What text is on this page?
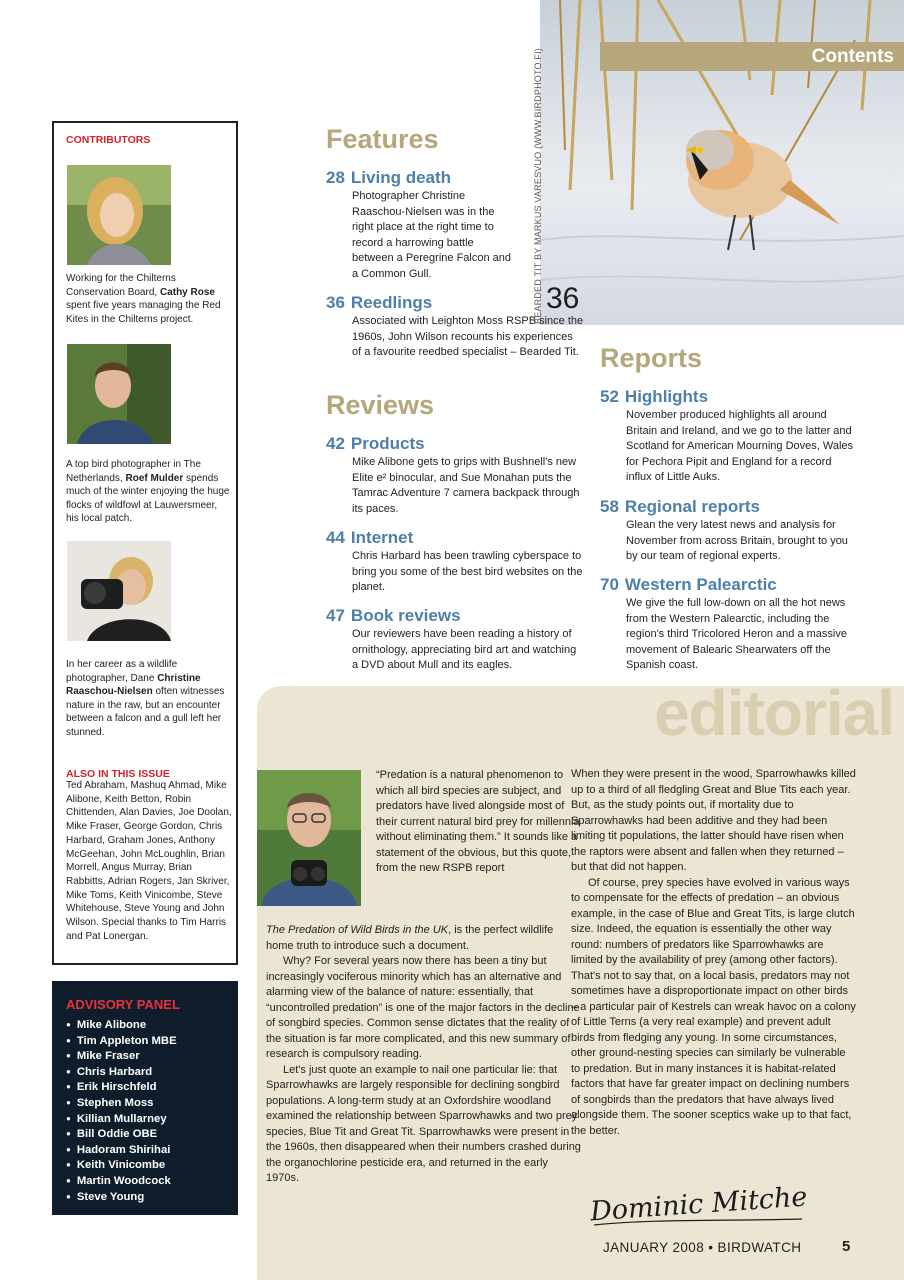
Contents
BEARDED TIT BY MARKUS VARESVUO (WWW.BIRDPHOTO.FI) 36
CONTRIBUTORS
Working for the Chilterns Conservation Board, Cathy Rose spent five years managing the Red Kites in the Chilterns project.
A top bird photographer in The Netherlands, Roef Mulder spends much of the winter enjoying the huge flocks of wildfowl at Lauwersmeer, his local patch.
In her career as a wildlife photographer, Dane Christine Raaschou-Nielsen often witnesses nature in the raw, but an encounter between a falcon and a gull left her stunned.
ALSO IN THIS ISSUE
Ted Abraham, Mashuq Ahmad, Mike Alibone, Keith Betton, Robin Chittenden, Alan Davies, Joe Doolan, Mike Fraser, George Gordon, Chris Harbard, Graham Jones, Anthony McGeehan, John McLoughlin, Brian Morrell, Angus Murray, Brian Rabbitts, Adrian Rogers, Jan Skriver, Mike Toms, Keith Vinicombe, Steve Whitehouse, Steve Young and John Wilson. Special thanks to Tim Harris and Pat Lonergan.
ADVISORY PANEL
● Mike Alibone
● Tim Appleton MBE
● Mike Fraser
● Chris Harbard
● Erik Hirschfeld
● Stephen Moss
● Killian Mullarney
● Bill Oddie OBE
● Hadoram Shirihai
● Keith Vinicombe
● Martin Woodcock
● Steve Young
Features
28 Living death
Photographer Christine Raaschou-Nielsen was in the right place at the right time to record a harrowing battle between a Peregrine Falcon and a Common Gull.
36 Reedlings
Associated with Leighton Moss RSPB since the 1960s, John Wilson recounts his experiences of a favourite reedbed specialist – Bearded Tit.
Reviews
42 Products
Mike Alibone gets to grips with Bushnell's new Elite e² binocular, and Sue Monahan puts the Tamrac Adventure 7 camera backpack through its paces.
44 Internet
Chris Harbard has been trawling cyberspace to bring you some of the best bird websites on the planet.
47 Book reviews
Our reviewers have been reading a history of ornithology, appreciating bird art and watching a DVD about Mull and its eagles.
Reports
52 Highlights
November produced highlights all around Britain and Ireland, and we go to the latter and Scotland for American Mourning Doves, Wales for Pechora Pipit and England for a record influx of Little Auks.
58 Regional reports
Glean the very latest news and analysis for November from across Britain, brought to you by our team of regional experts.
70 Western Palearctic
We give the full low-down on all the hot news from the Western Palearctic, including the region's third Tricolored Heron and a massive movement of Balearic Shearwaters off the Spanish coast.
editorial

“Predation is a natural phenomenon to which all bird species are subject, and predators have lived alongside most of their current natural bird prey for millennia without eliminating them.” It sounds like a statement of the obvious, but this quote, from the new RSPB report

The Predation of Wild Birds in the UK, is the perfect wildlife home truth to introduce such a document.

Why? For several years now there has been a tiny but increasingly vociferous minority which has an alternative and alarming view of the balance of nature: essentially, that “uncontrolled predation” is one of the major factors in the decline of songbird species. Common sense dictates that the reality of the situation is far more complicated, and this new summary of research is compulsory reading.

Let's just quote an example to nail one particular lie: that Sparrowhawks are largely responsible for declining songbird populations. A long-term study at an Oxfordshire woodland examined the relationship between Sparrowhawks and two prey species, Blue Tit and Great Tit. Sparrowhawks were present in the 1960s, then disappeared when their numbers crashed during the organochlorine pesticide era, and returned in the early 1970s.

When they were present in the wood, Sparrowhawks killed up to a third of all fledgling Great and Blue Tits each year. But, as the study points out, if mortality due to Sparrowhawks had been additive and they had been limiting tit populations, the latter should have risen when the raptors were absent and fallen when they returned – but that did not happen.

Of course, prey species have evolved in various ways to compensate for the effects of predation – an obvious example, in the case of Blue and Great Tits, is large clutch size. Indeed, the equation is essentially the other way round: numbers of predators like Sparrowhawks are limited by the availability of prey (among other factors). That's not to say that, on a local basis, predators may not sometimes have a disproportionate impact on other birds – a particular pair of Kestrels can wreak havoc on a colony of Little Terns (a very real example) and prevent adult birds from fledging any young. In some circumstances, other ground-nesting species can similarly be vulnerable to predation. But in many instances it is habitat-related factors that have far greater impact on declining numbers of songbirds than the predators that have always lived alongside them. The sooner sceptics wake up to that fact, the better.

Dominic Mitchell
JANUARY 2008 • BIRDWATCH	5
